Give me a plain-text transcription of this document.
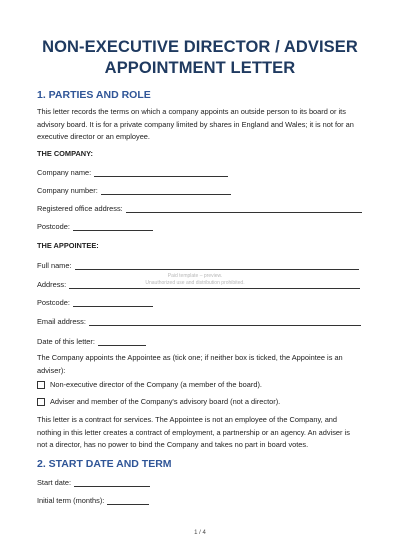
NON-EXECUTIVE DIRECTOR / ADVISER
APPOINTMENT LETTER
1. PARTIES AND ROLE

This letter records the terms on which a company appoints an outside person to its board or its
advisory board. It is for a private company limited by shares in England and Wales; it is not for an
executive director or an employee.

THE COMPANY:

Company name:
Company number:
Registered office address:
Postcode:

THE APPOINTEE:

Full name:
Address:
Paid template – preview.
Unauthorized use and distribution prohibited.
Postcode:
Email address:
Date of this letter:

The Company appoints the Appointee as (tick one; if neither box is ticked, the Appointee is an
adviser):

Non-executive director of the Company (a member of the board).
Adviser and member of the Company's advisory board (not a director).

This letter is a contract for services. The Appointee is not an employee of the Company, and
nothing in this letter creates a contract of employment, a partnership or an agency. An adviser is
not a director, has no power to bind the Company and takes no part in board votes.

2. START DATE AND TERM
Start date:
Initial term (months):
1 / 4
